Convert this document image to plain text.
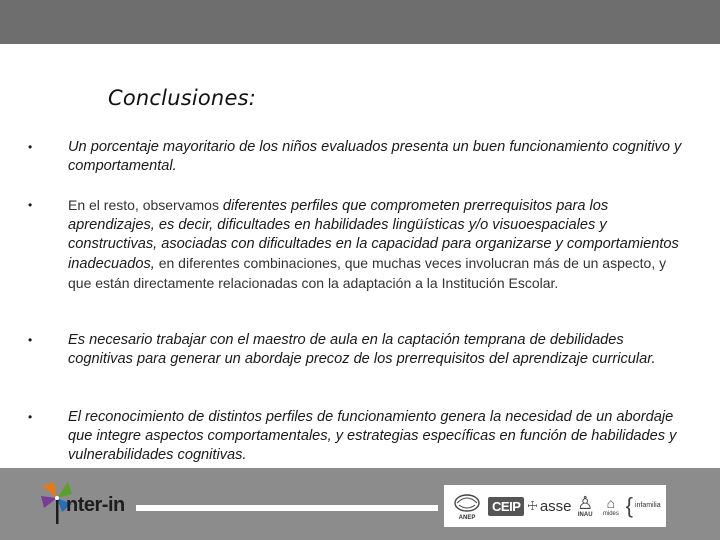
Conclusiones:
• Un porcentaje mayoritario de los niños evaluados presenta un buen funcionamiento cognitivo y comportamental.
•	En el resto, observamos diferentes perfiles que comprometen prerrequisitos para los aprendizajes, es decir, dificultades en habilidades lingüísticas y/o visuoespaciales y constructivas, asociadas con dificultades en la capacidad para organizarse y comportamientos inadecuados, en diferentes combinaciones, que muchas veces involucran más de un aspecto, y que están directamente relacionadas con la adaptación a la Institución Escolar.
• Es necesario trabajar con el maestro de aula en la captación temprana de debilidades cognitivas para generar un abordaje precoz de los prerrequisitos del aprendizaje curricular.
• El reconocimiento de distintos perfiles de funcionamiento genera la necesidad de un abordaje que integre aspectos comportamentales, y estrategias específicas en función de habilidades y vulnerabilidades cognitivas.
nter-in
ANEP
CEIP ☩ asse ♙
INAU
⌂
mides { infamilia
